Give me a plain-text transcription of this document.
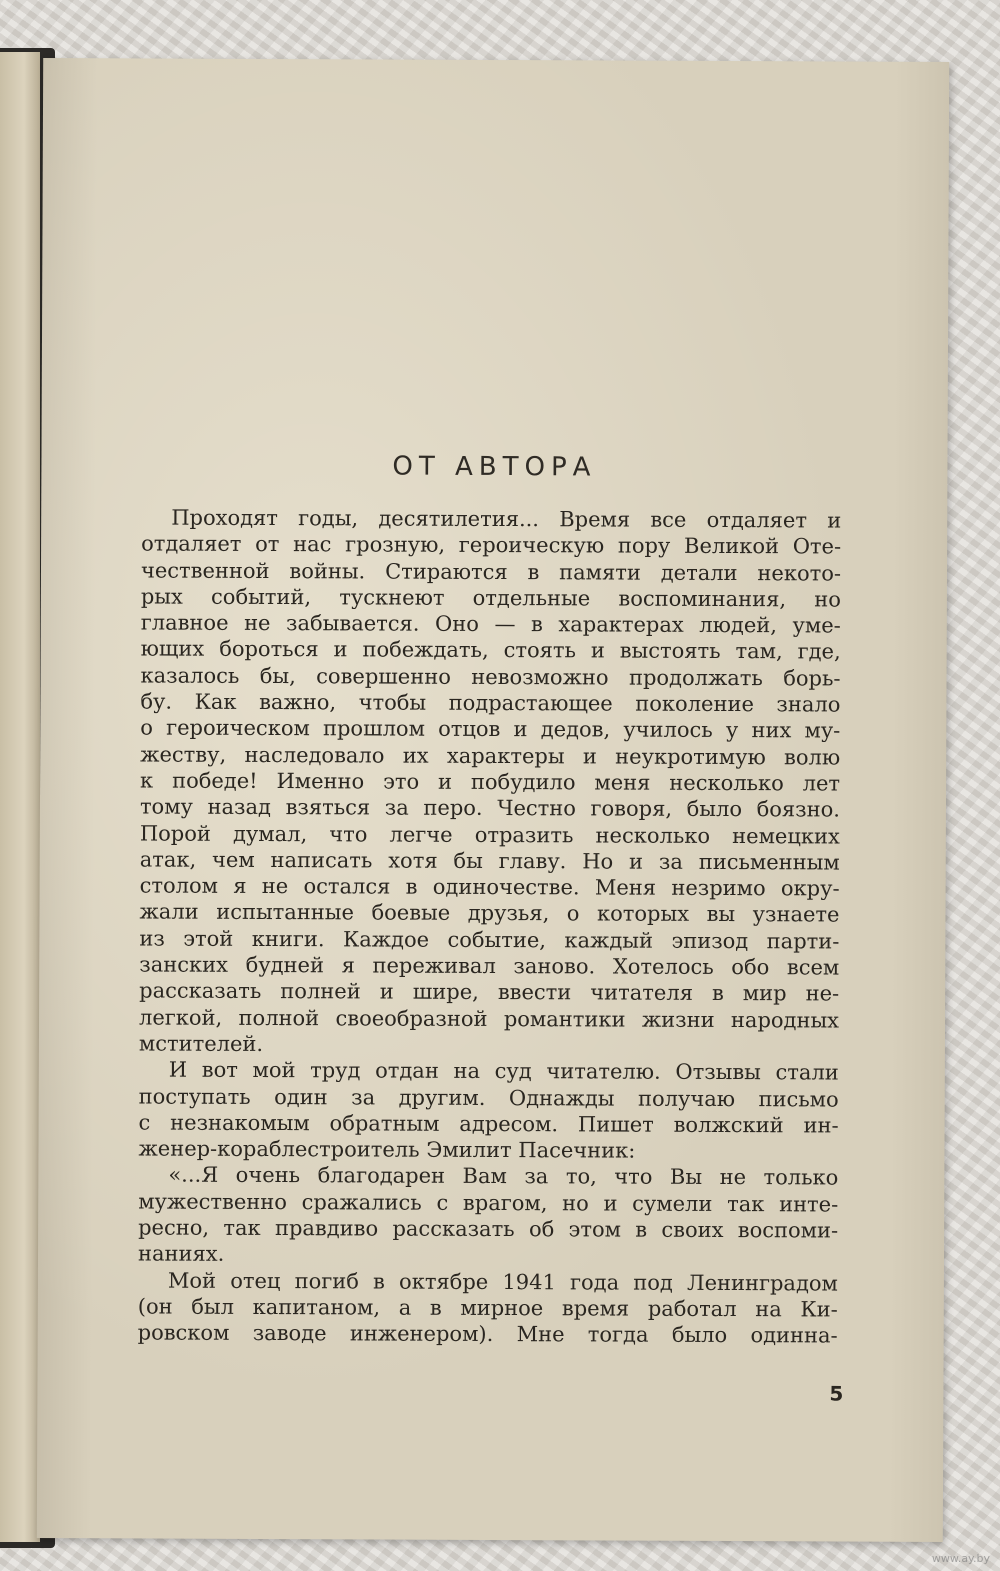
ОТ АВТОРА
Проходят годы, десятилетия... Время все отдаляет и
отдаляет от нас грозную, героическую пору Великой Оте-
чественной войны. Стираются в памяти детали некото-
рых событий, тускнеют отдельные воспоминания, но
главное не забывается. Оно — в характерах людей, уме-
ющих бороться и побеждать, стоять и выстоять там, где,
казалось бы, совершенно невозможно продолжать борь-
бу. Как важно, чтобы подрастающее поколение знало
о героическом прошлом отцов и дедов, училось у них му-
жеству, наследовало их характеры и неукротимую волю
к победе! Именно это и побудило меня несколько лет
тому назад взяться за перо. Честно говоря, было боязно.
Порой думал, что легче отразить несколько немецких
атак, чем написать хотя бы главу. Но и за письменным
столом я не остался в одиночестве. Меня незримо окру-
жали испытанные боевые друзья, о которых вы узнаете
из этой книги. Каждое событие, каждый эпизод парти-
занских будней я переживал заново. Хотелось обо всем
рассказать полней и шире, ввести читателя в мир не-
легкой, полной своеобразной романтики жизни народных
мстителей.
И вот мой труд отдан на суд читателю. Отзывы стали
поступать один за другим. Однажды получаю письмо
с незнакомым обратным адресом. Пишет волжский ин-
женер-кораблестроитель Эмилит Пасечник:
«...Я очень благодарен Вам за то, что Вы не только
мужественно сражались с врагом, но и сумели так инте-
ресно, так правдиво рассказать об этом в своих воспоми-
наниях.
Мой отец погиб в октябре 1941 года под Ленинградом
(он был капитаном, а в мирное время работал на Ки-
ровском заводе инженером). Мне тогда было одинна-
5
www.ay.by
